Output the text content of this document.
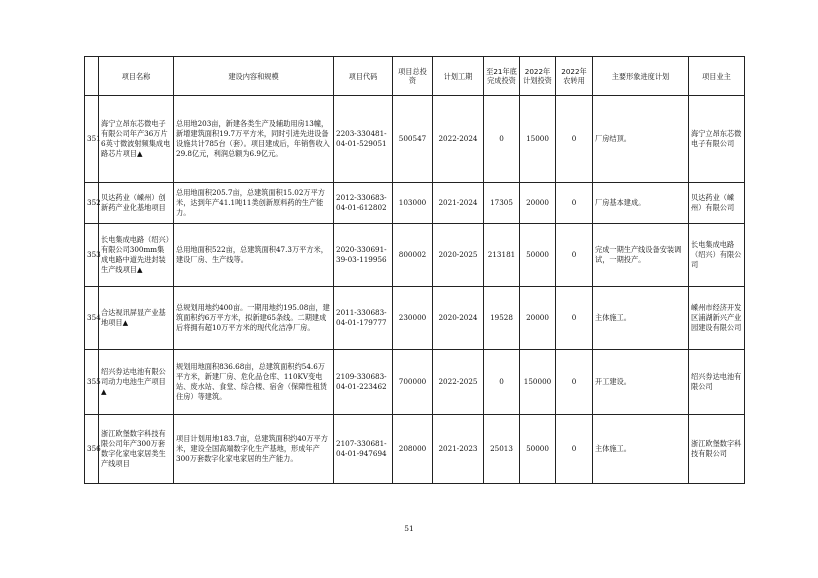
	项目名称	建设内容和规模	项目代码	项目总投资	计划工期	至21年底完成投资	2022年计划投资	2022年农转用	主要形象进度计划	项目业主
351	海宁立昂东芯微电子有限公司年产36万片6英寸微波射频集成电路芯片项目▲	总用地203亩，新建各类生产及辅助用房13幢，新增建筑面积19.7万平方米，同时引进先进设备设施共计785台（套）。项目建成后，年销售收入29.8亿元，利润总额为6.9亿元。	2203-330481-04-01-529051	500547	2022-2024	0	15000	0	厂房结顶。	海宁立昂东芯微电子有限公司
352	贝达药业（嵊州）创新药产业化基地项目	总用地面积205.7亩，总建筑面积15.02万平方米，达到年产41.1吨11类创新原料药的生产能力。	2012-330683-04-01-612802	103000	2021-2024	17305	20000	0	厂房基本建成。	贝达药业（嵊州）有限公司
353	长电集成电路（绍兴）有限公司300mm集成电路中道先进封装生产线项目▲	总用地面积522亩，总建筑面积47.3万平方米，建设厂房、生产线等。	2020-330691-39-03-119956	800002	2020-2025	213181	50000	0	完成一期生产线设备安装调试，一期投产。	长电集成电路（绍兴）有限公司
354	合达视讯屏显产业基地项目▲	总规划用地约400亩。一期用地约195.08亩，建筑面积约6万平方米，拟新建65条线。二期建成后将拥有超10万平方米的现代化洁净厂房。	2011-330683-04-01-179777	230000	2020-2024	19528	20000	0	主体施工。	嵊州市经济开发区浦湖新兴产业园建设有限公司
355	绍兴券达电池有限公司动力电池生产项目▲	规划用地面积836.68亩，总建筑面积约54.6万平方米，新建厂房、危化品仓库、110KV变电站、废水站、食堂、综合楼、宿舍（保障性租赁住房）等建筑。	2109-330683-04-01-223462	700000	2022-2025	0	150000	0	开工建设。	绍兴券达电池有限公司
356	浙江欧堡数字科技有限公司年产300万套数字化家电家居类生产线项目	项目计划用地183.7亩，总建筑面积约40万平方米，建设全国高端数字化生产基地，形成年产300万套数字化家电家居的生产能力。	2107-330681-04-01-947694	208000	2021-2023	25013	50000	0	主体施工。	浙江欧堡数字科技有限公司
51
